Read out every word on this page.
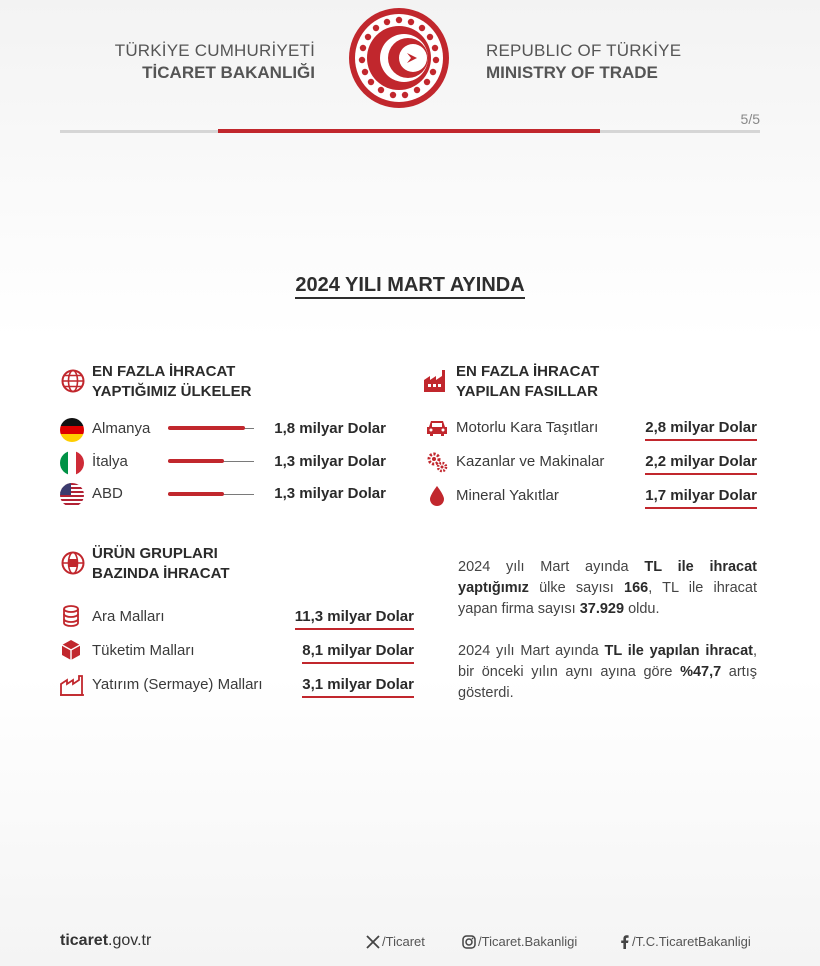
TÜRKİYE CUMHURİYETİ
TİCARET BAKANLIĞI
REPUBLIC OF TÜRKİYE
MINISTRY OF TRADE
5/5
2024 YILI MART AYINDA
EN FAZLA İHRACAT
YAPTIĞIMIZ ÜLKELER
Almanya	1,8 milyar Dolar
İtalya	1,3 milyar Dolar
ABD	1,3 milyar Dolar
EN FAZLA İHRACAT
YAPILAN FASILLAR
Motorlu Kara Taşıtları	2,8 milyar Dolar
Kazanlar ve Makinalar	2,2 milyar Dolar
Mineral Yakıtlar	1,7 milyar Dolar
ÜRÜN GRUPLARI
BAZINDA İHRACAT
Ara Malları	11,3 milyar Dolar
Tüketim Malları	8,1 milyar Dolar
Yatırım (Sermaye) Malları	3,1 milyar Dolar
2024 yılı Mart ayında TL ile ihracat yaptığımız ülke sayısı 166, TL ile ihracat yapan firma sayısı 37.929 oldu.
2024 yılı Mart ayında TL ile yapılan ihracat, bir önceki yılın aynı ayına göre %47,7 artış gösterdi.
ticaret.gov.tr	/Ticaret	/Ticaret.Bakanligi	/T.C.TicaretBakanligi
